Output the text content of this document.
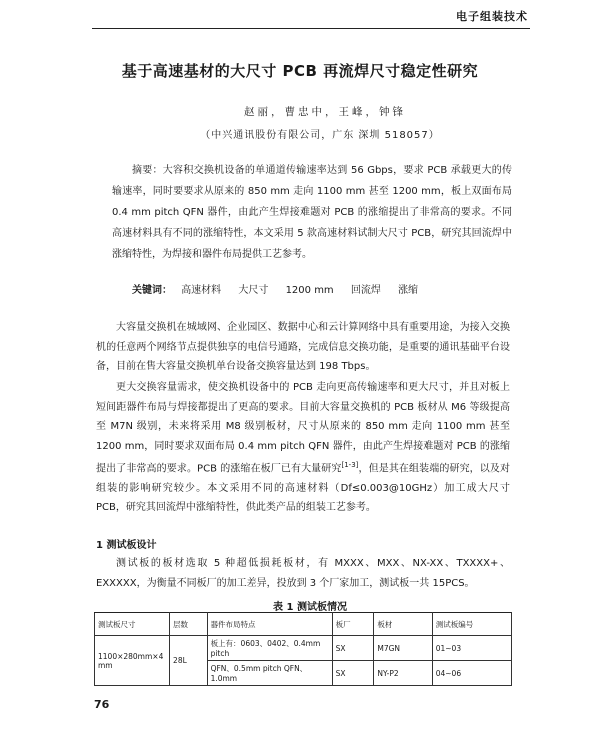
电子组装技术
基于高速基材的大尺寸 PCB 再流焊尺寸稳定性研究
赵丽，曹忠中，王峰，钟锋
（中兴通讯股份有限公司，广东 深圳 518057）
摘要：大容积交换机设备的单通道传输速率达到 56 Gbps，要求 PCB 承载更大的传输速率，同时要要求从原来的 850 mm 走向 1100 mm 甚至 1200 mm，板上双面布局 0.4 mm pitch QFN 器件，由此产生焊接难题对 PCB 的涨缩提出了非常高的要求。不同高速材料具有不同的涨缩特性，本文采用 5 款高速材料试制大尺寸 PCB，研究其回流焊中涨缩特性，为焊接和器件布局提供工艺参考。
关键词： 高速材料 大尺寸 1200 mm 回流焊 涨缩

大容量交换机在城域网、企业园区、数据中心和云计算网络中具有重要用途，为接入交换机的任意两个网络节点提供独享的电信号通路，完成信息交换功能，是重要的通讯基础平台设备，目前在售大容量交换机单台设备交换容量达到 198 Tbps。

更大交换容量需求，使交换机设备中的 PCB 走向更高传输速率和更大尺寸，并且对板上短间距器件布局与焊接都提出了更高的要求。目前大容量交换机的 PCB 板材从 M6 等级提高至 M7N 级别，未来将采用 M8 级别板材，尺寸从原来的 850 mm 走向 1100 mm 甚至 1200 mm，同时要求双面布局 0.4 mm pitch QFN 器件，由此产生焊接难题对 PCB 的涨缩提出了非常高的要求。PCB 的涨缩在板厂已有大量研究[1-3]，但是其在组装端的研究，以及对组装的影响研究较少。本文采用不同的高速材料（Df≤0.003@10GHz）加工成大尺寸 PCB，研究其回流焊中涨缩特性，供此类产品的组装工艺参考。

1 测试板设计

测试板的板材选取 5 种超低损耗板材，有 MXXX、MXX、NX-XX、TXXXX+、EXXXXX，为衡量不同板厂的加工差异，投放到 3 个厂家加工，测试板一共 15PCS。

表 1 测试板情况
测试板尺寸	层数	器件布局特点	板厂	板材	测试板编号
1100×280mm×4 mm	28L	板上有：0603、0402、0.4mm pitch	SX	M7GN	01~03
		QFN、0.5mm pitch QFN、1.0mm	SX	NY-P2	04~06
76
